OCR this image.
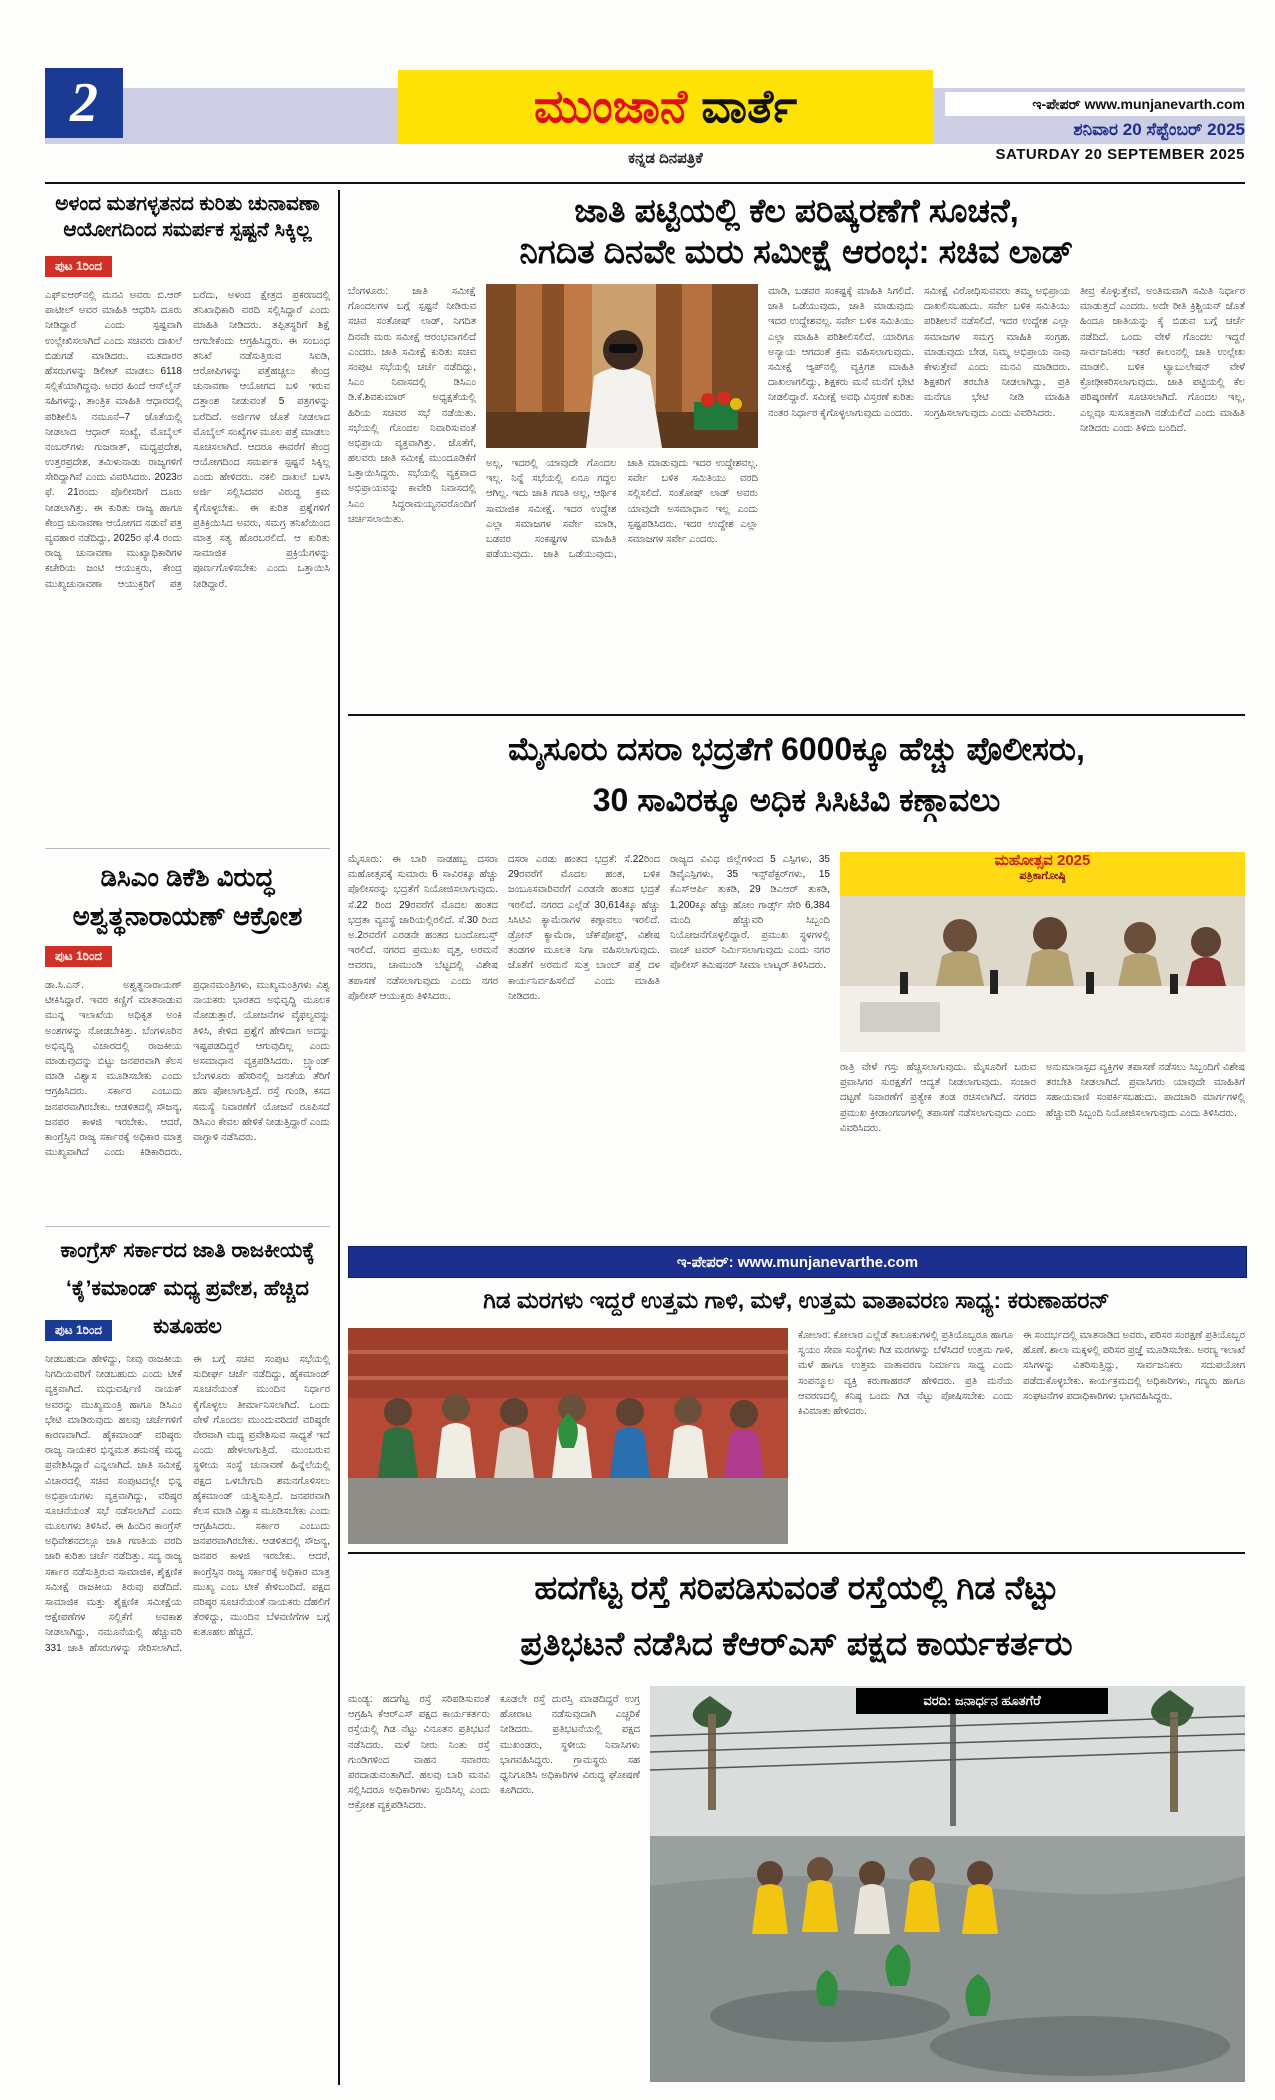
2	ಮುಂಜಾನೆ ವಾರ್ತೆ
ಕನ್ನಡ ದಿನಪತ್ರಿಕೆ
ಇ-ಪೇಪರ್ www.munjanevarth.com
ಶನಿವಾರ 20 ಸೆಪ್ಟೆಂಬರ್ 2025
SATURDAY 20 SEPTEMBER 2025
ಅಳಂದ ಮತಗಳ್ಳತನದ ಕುರಿತು ಚುನಾವಣಾ
ಆಯೋಗದಿಂದ ಸಮರ್ಪಕ ಸ್ಪಷ್ಟನೆ ಸಿಕ್ಕಿಲ್ಲ
ಪುಟ 1ರಿಂದ
ಎಫ್ಐಆರ್‌ನಲ್ಲಿ ಮನವಿ ಅವರು ಬಿ.ಆರ್ ಪಾಟೀಲ್ ಅವರ ಮಾಹಿತಿ ಆಧರಿಸಿ ದೂರು ನೀಡಿದ್ದಾರೆ ಎಂದು ಸ್ಪಷ್ಟವಾಗಿ ಉಲ್ಲೇಖಿಸಲಾಗಿದೆ ಎಂದು ಸಚಿವರು ದಾಖಲೆ ಬಿಡುಗಡೆ ಮಾಡಿದರು. ಮತದಾರರ ಹೆಸರುಗಳನ್ನು ಡಿಲೀಟ್ ಮಾಡಲು 6118 ಸಲ್ಲಿಕೆಯಾಗಿದ್ದವು. ಅದರ ಹಿಂದೆ ಆನ್‌ಲೈನ್ ಸಹಿಗಳನ್ನು, ತಾಂತ್ರಿಕ ಮಾಹಿತಿ ಆಧಾರದಲ್ಲಿ ಪರಿಶೀಲಿಸಿ ನಮೂನೆ–7 ಜೊತೆಯಲ್ಲಿ ನೀಡಲಾದ ಆಧಾರ್ ಸಂಖ್ಯೆ, ಮೊಬೈಲ್ ನಂಬರ್‌ಗಳು ಗುಜರಾತ್, ಮಧ್ಯಪ್ರದೇಶ, ಉತ್ತರಪ್ರದೇಶ, ತಮಿಳುನಾಡು ರಾಜ್ಯಗಳಿಗೆ ಸೇರಿದ್ದಾಗಿವೆ ಎಂದು ವಿವರಿಸಿದರು. 2023ರ ಫೆ. 21ರಂದು ಪೊಲೀಸರಿಗೆ ದೂರು ನೀಡಲಾಗಿತ್ತು. ಈ ಕುರಿತು ರಾಜ್ಯ ಹಾಗೂ ಕೇಂದ್ರ ಚುನಾವಣಾ ಆಯೋಗದ ನಡುವೆ ಪತ್ರ ವ್ಯವಹಾರ ನಡೆದಿದ್ದು, 2025ರ ಫೆ.4 ರಂದು ರಾಜ್ಯ ಚುನಾವಣಾ ಮುಖ್ಯಾಧಿಕಾರಿಗಳ ಕಚೇರಿಯ ಜಂಟಿ ಆಯುಕ್ತರು, ಕೇಂದ್ರ ಮುಖ್ಯಚುನಾವಣಾ ಆಯುಕ್ತರಿಗೆ ಪತ್ರ ಬರೆದು, ಅಳಂದ ಕ್ಷೇತ್ರದ ಪ್ರಕರಣದಲ್ಲಿ ತನಿಖಾಧಿಕಾರಿ ವರದಿ ಸಲ್ಲಿಸಿದ್ದಾರೆ ಎಂದು ಮಾಹಿತಿ ನೀಡಿದರು. ತಪ್ಪಿತಸ್ಥರಿಗೆ ಶಿಕ್ಷೆ ಆಗಬೇಕೆಂದು ಆಗ್ರಹಿಸಿದ್ದರು. ಈ ಸಂಬಂಧ ತನಿಖೆ ನಡೆಸುತ್ತಿರುವ ಸಿಐಡಿ, ಆರೋಪಿಗಳನ್ನು ಪತ್ತೆಹಚ್ಚಲು ಕೇಂದ್ರ ಚುನಾವಣಾ ಆಯೋಗದ ಬಳಿ ಇರುವ ದತ್ತಾಂಶ ನೀಡುವಂತೆ 5 ಪತ್ರಗಳನ್ನು ಬರೆದಿದೆ. ಅರ್ಜಿಗಳ ಜೊತೆ ನೀಡಲಾದ ಮೊಬೈಲ್ ಸಂಖ್ಯೆಗಳ ಮೂಲ ಪತ್ತೆ ಮಾಡಲು ಸೂಚಿಸಲಾಗಿದೆ. ಆದರೂ ಈವರೆಗೆ ಕೇಂದ್ರ ಆಯೋಗದಿಂದ ಸಮರ್ಪಕ ಸ್ಪಷ್ಟನೆ ಸಿಕ್ಕಿಲ್ಲ ಎಂದು ಹೇಳಿದರು. ನಕಲಿ ದಾಖಲೆ ಬಳಸಿ ಅರ್ಜಿ ಸಲ್ಲಿಸಿದವರ ವಿರುದ್ಧ ಕ್ರಮ ಕೈಗೊಳ್ಳಬೇಕು. ಈ ಕುರಿತ ಪ್ರಶ್ನೆಗಳಿಗೆ ಪ್ರತಿಕ್ರಿಯಿಸಿದ ಅವರು, ಸಮಗ್ರ ತನಿಖೆಯಿಂದ ಮಾತ್ರ ಸತ್ಯ ಹೊರಬರಲಿದೆ. ಆ ಕುರಿತು ಸಾಮಾಜಿಕ ಪ್ರಕ್ರಿಯೆಗಳನ್ನು ಪೂರ್ಣಗೊಳಿಸಬೇಕು ಎಂದು ಒತ್ತಾಯಿಸಿ ನೀಡಿದ್ದಾರೆ.
ಡಿಸಿಎಂ ಡಿಕೆಶಿ ವಿರುದ್ಧ
ಅಶ್ವತ್ಥನಾರಾಯಣ್ ಆಕ್ರೋಶ
ಪುಟ 1ರಿಂದ
ಡಾ.ಸಿ.ಎನ್. ಅಶ್ವತ್ಥನಾರಾಯಣ್ ಟೀಕಿಸಿದ್ದಾರೆ. ಇವರ ಕಣ್ಣಿಗೆ ಮಾತನಾಡುವ ಮುನ್ನ ಇಲಾಖೆಯ ಅಧಿಕೃತ ಅಂಕಿ ಅಂಶಗಳನ್ನು ನೋಡಬೇಕಿತ್ತು. ಬೆಂಗಳೂರಿನ ಅಭಿವೃದ್ಧಿ ವಿಚಾರದಲ್ಲಿ ರಾಜಕೀಯ ಮಾಡುವುದನ್ನು ಬಿಟ್ಟು ಜನಪರವಾಗಿ ಕೆಲಸ ಮಾಡಿ ವಿಶ್ವಾಸ ಮೂಡಿಸಬೇಕು ಎಂದು ಆಗ್ರಹಿಸಿದರು. ಸರ್ಕಾರ ಎಂಬುದು ಜನಪರವಾಗಿರಬೇಕು. ಆಡಳಿತದಲ್ಲಿ ಸೌಜನ್ಯ, ಜನಪರ ಕಾಳಜಿ ಇರಬೇಕು. ಆದರೆ, ಕಾಂಗ್ರೆಸ್ಸಿನ ರಾಜ್ಯ ಸರ್ಕಾರಕ್ಕೆ ಅಧಿಕಾರ ಮಾತ್ರ ಮುಖ್ಯವಾಗಿದೆ ಎಂದು ಕಿಡಿಕಾರಿದರು. ಪ್ರಧಾನಮಂತ್ರಿಗಳು, ಮುಖ್ಯಮಂತ್ರಿಗಳು ವಿಶ್ವ ನಾಯಕರು ಭಾರತದ ಅಭಿವೃದ್ಧಿ ಮೂಲಕ ನೋಡುತ್ತಾರೆ. ಯೋಜನೆಗಳ ವೈಫಲ್ಯವನ್ನು ತಿಳಿಸಿ, ಕೇಳಿದ ಪ್ರಶ್ನೆಗೆ ಹೇಳಿದಾಗ ಅದನ್ನು ಇಷ್ಟಪಡದಿದ್ದರೆ ಆಗುವುದಿಲ್ಲ ಎಂದು ಅಸಮಾಧಾನ ವ್ಯಕ್ತಪಡಿಸಿದರು. ಬ್ರ್ಯಾಂಡ್ ಬೆಂಗಳೂರು ಹೆಸರಿನಲ್ಲಿ ಜನತೆಯ ತೆರಿಗೆ ಹಣ ಪೋಲಾಗುತ್ತಿದೆ. ರಸ್ತೆ ಗುಂಡಿ, ಕಸದ ಸಮಸ್ಯೆ ನಿವಾರಣೆಗೆ ಯೋಜನೆ ರೂಪಿಸದೆ ಡಿಸಿಎಂ ಕೇವಲ ಹೇಳಿಕೆ ನೀಡುತ್ತಿದ್ದಾರೆ ಎಂದು ವಾಗ್ದಾಳಿ ನಡೆಸಿದರು.
ಕಾಂಗ್ರೆಸ್ ಸರ್ಕಾರದ ಜಾತಿ ರಾಜಕೀಯಕ್ಕೆ
‘ಕೈ’ಕಮಾಂಡ್ ಮಧ್ಯ ಪ್ರವೇಶ, ಹೆಚ್ಚಿದ ಕುತೂಹಲ
ಪುಟ 1ರಿಂದ
ನೀಡಬಹುದಾ ಹೇಳಿದ್ದು, ನೀವು ರಾಜಕೀಯ ನಿಗದಿಯವರಿಗೆ ನೀಡಬಹುದು ಎಂದು ಟೀಕೆ ವ್ಯಕ್ತವಾಗಿದೆ. ಮಧುವರ್ಷಿಣಿ ನಾಯಕ್ ಅವರನ್ನು ಮುಖ್ಯಮಂತ್ರಿ ಹಾಗೂ ಡಿಸಿಎಂ ಭೇಟಿ ಮಾಡಿರುವುದು ಹಲವು ಚರ್ಚೆಗಳಿಗೆ ಕಾರಣವಾಗಿದೆ. ಹೈಕಮಾಂಡ್ ವರಿಷ್ಠರು ರಾಜ್ಯ ನಾಯಕರ ಭಿನ್ನಮತ ಶಮನಕ್ಕೆ ಮಧ್ಯ ಪ್ರವೇಶಿಸಿದ್ದಾರೆ ಎನ್ನಲಾಗಿದೆ. ಜಾತಿ ಸಮೀಕ್ಷೆ ವಿಚಾರದಲ್ಲಿ ಸಚಿವ ಸಂಪುಟದಲ್ಲೇ ಭಿನ್ನ ಅಭಿಪ್ರಾಯಗಳು ವ್ಯಕ್ತವಾಗಿದ್ದು, ವರಿಷ್ಠರ ಸೂಚನೆಯಂತೆ ಸಭೆ ನಡೆಸಲಾಗಿದೆ ಎಂದು ಮೂಲಗಳು ತಿಳಿಸಿವೆ. ಈ ಹಿಂದಿನ ಕಾಂಗ್ರೆಸ್ ಅಧಿವೇಶನದಲ್ಲೂ ಜಾತಿ ಗಣತಿಯ ವರದಿ ಜಾರಿ ಕುರಿತು ಚರ್ಚೆ ನಡೆದಿತ್ತು. ಸದ್ಯ ರಾಜ್ಯ ಸರ್ಕಾರ ನಡೆಸುತ್ತಿರುವ ಸಾಮಾಜಿಕ, ಶೈಕ್ಷಣಿಕ ಸಮೀಕ್ಷೆ ರಾಜಕೀಯ ತಿರುವು ಪಡೆದಿದೆ. ಸಾಮಾಜಿಕ ಮತ್ತು ಶೈಕ್ಷಣಿಕ ಸಮೀಕ್ಷೆಯ ಆಕ್ಷೇಪಣೆಗಳ ಸಲ್ಲಿಕೆಗೆ ಅವಕಾಶ ನೀಡಲಾಗಿದ್ದು, ನಮೂನೆಯಲ್ಲಿ ಹೆಚ್ಚುವರಿ 331 ಜಾತಿ ಹೆಸರುಗಳನ್ನು ಸೇರಿಸಲಾಗಿದೆ. ಈ ಬಗ್ಗೆ ಸಚಿವ ಸಂಪುಟ ಸಭೆಯಲ್ಲಿ ಸುದೀರ್ಘ ಚರ್ಚೆ ನಡೆದಿದ್ದು, ಹೈಕಮಾಂಡ್ ಸೂಚನೆಯಂತೆ ಮುಂದಿನ ನಿರ್ಧಾರ ಕೈಗೊಳ್ಳಲು ತೀರ್ಮಾನಿಸಲಾಗಿದೆ. ಒಂದು ವೇಳೆ ಗೊಂದಲ ಮುಂದುವರಿದರೆ ವರಿಷ್ಠರೇ ನೇರವಾಗಿ ಮಧ್ಯ ಪ್ರವೇಶಿಸುವ ಸಾಧ್ಯತೆ ಇದೆ ಎಂದು ಹೇಳಲಾಗುತ್ತಿದೆ. ಮುಂಬರುವ ಸ್ಥಳೀಯ ಸಂಸ್ಥೆ ಚುನಾವಣೆ ಹಿನ್ನೆಲೆಯಲ್ಲಿ ಪಕ್ಷದ ಒಳಬೇಗುದಿ ಶಮನಗೊಳಿಸಲು ಹೈಕಮಾಂಡ್ ಯತ್ನಿಸುತ್ತಿದೆ. ಜನಪರವಾಗಿ ಕೆಲಸ ಮಾಡಿ ವಿಶ್ವಾಸ ಮೂಡಿಸಬೇಕು ಎಂದು ಆಗ್ರಹಿಸಿದರು. ಸರ್ಕಾರ ಎಂಬುದು ಜನಪರವಾಗಿರಬೇಕು. ಆಡಳಿತದಲ್ಲಿ ಸೌಜನ್ಯ, ಜನಪರ ಕಾಳಜಿ ಇರಬೇಕು. ಆದರೆ, ಕಾಂಗ್ರೆಸ್ಸಿನ ರಾಜ್ಯ ಸರ್ಕಾರಕ್ಕೆ ಅಧಿಕಾರ ಮಾತ್ರ ಮುಖ್ಯ ಎಂಬ ಟೀಕೆ ಕೇಳಿಬಂದಿದೆ. ಪಕ್ಷದ ವರಿಷ್ಠರ ಸೂಚನೆಯಂತೆ ನಾಯಕರು ದೆಹಲಿಗೆ ತೆರಳಿದ್ದು, ಮುಂದಿನ ಬೆಳವಣಿಗೆಗಳ ಬಗ್ಗೆ ಕುತೂಹಲ ಹೆಚ್ಚಿದೆ.
ಜಾತಿ ಪಟ್ಟಿಯಲ್ಲಿ ಕೆಲ ಪರಿಷ್ಕರಣೆಗೆ ಸೂಚನೆ,
ನಿಗದಿತ ದಿನವೇ ಮರು ಸಮೀಕ್ಷೆ ಆರಂಭ: ಸಚಿವ ಲಾಡ್
ಬೆಂಗಳೂರು: ಜಾತಿ ಸಮೀಕ್ಷೆ ಗೊಂದಲಗಳ ಬಗ್ಗೆ ಸ್ಪಷ್ಟನೆ ನೀಡಿರುವ ಸಚಿವ ಸಂತೋಷ್ ಲಾಡ್, ನಿಗದಿತ ದಿನವೇ ಮರು ಸಮೀಕ್ಷೆ ಆರಂಭವಾಗಲಿದೆ ಎಂದರು. ಜಾತಿ ಸಮೀಕ್ಷೆ ಕುರಿತು ಸಚಿವ ಸಂಪುಟ ಸಭೆಯಲ್ಲಿ ಚರ್ಚೆ ನಡೆದಿದ್ದು, ಸಿಎಂ ನಿವಾಸದಲ್ಲಿ ಡಿಸಿಎಂ ಡಿ.ಕೆ.ಶಿವಕುಮಾರ್ ಅಧ್ಯಕ್ಷತೆಯಲ್ಲಿ ಹಿರಿಯ ಸಚಿವರ ಸಭೆ ನಡೆಯಿತು. ಸಭೆಯಲ್ಲಿ ಗೊಂದಲ ನಿವಾರಿಸುವಂತೆ ಅಭಿಪ್ರಾಯ ವ್ಯಕ್ತವಾಗಿತ್ತು. ಜೊತೆಗೆ, ಹಲವರು ಜಾತಿ ಸಮೀಕ್ಷೆ ಮುಂದೂಡಿಕೆಗೆ ಒತ್ತಾಯಿಸಿದ್ದರು. ಸಭೆಯಲ್ಲಿ ವ್ಯಕ್ತವಾದ ಅಭಿಪ್ರಾಯವನ್ನು ಕಾವೇರಿ ನಿವಾಸದಲ್ಲಿ ಸಿಎಂ ಸಿದ್ದರಾಮಯ್ಯನವರೊಂದಿಗೆ ಚರ್ಚಿಸಲಾಯಿತು.
ಅಲ್ಲ, ಇದರಲ್ಲಿ ಯಾವುದೇ ಗೊಂದಲ ಇಲ್ಲ. ನಿನ್ನೆ ಸಭೆಯಲ್ಲಿ ಏನೂ ಗದ್ದಲ ಆಗಿಲ್ಲ. ಇದು ಜಾತಿ ಗಣತಿ ಅಲ್ಲ, ಆರ್ಥಿಕ ಸಾಮಾಜಿಕ ಸಮೀಕ್ಷೆ. ಇದರ ಉದ್ದೇಶ ಎಲ್ಲಾ ಸಮಾಜಗಳ ಸರ್ವೇ ಮಾಡಿ, ಬಡವರ ಸಂಕಷ್ಟಗಳ ಮಾಹಿತಿ ಪಡೆಯುವುದು. ಜಾತಿ ಒಡೆಯುವುದು, ಜಾತಿ ಮಾಡುವುದು ಇದರ ಉದ್ದೇಶವಲ್ಲ. ಸರ್ವೇ ಬಳಿಕ ಸಮಿತಿಯು ವರದಿ ಸಲ್ಲಿಸಲಿದೆ. ಸಂತೋಷ್ ಲಾಡ್ ಅವರು ಯಾವುದೇ ಅಸಮಾಧಾನ ಇಲ್ಲ ಎಂದು ಸ್ಪಷ್ಟಪಡಿಸಿದರು. ಇದರ ಉದ್ದೇಶ ಎಲ್ಲಾ ಸಮಾಜಗಳ ಸರ್ವೇ ಎಂದರು.
ಮಾಡಿ, ಬಡವರ ಸಂಕಷ್ಟಕ್ಕೆ ಮಾಹಿತಿ ಸಿಗಲಿದೆ. ಜಾತಿ ಒಡೆಯುವುದು, ಜಾತಿ ಮಾಡುವುದು ಇದರ ಉದ್ದೇಶವಲ್ಲ. ಸರ್ವೇ ಬಳಿಕ ಸಮಿತಿಯು ಎಲ್ಲಾ ಮಾಹಿತಿ ಪರಿಶೀಲಿಸಲಿದೆ. ಯಾರಿಗೂ ಅನ್ಯಾಯ ಆಗದಂತೆ ಕ್ರಮ ವಹಿಸಲಾಗುವುದು. ಸಮೀಕ್ಷೆ ಆ್ಯಪ್‌ನಲ್ಲಿ ವ್ಯಕ್ತಿಗತ ಮಾಹಿತಿ ದಾಖಲಾಗಲಿದ್ದು, ಶಿಕ್ಷಕರು ಮನೆ ಮನೆಗೆ ಭೇಟಿ ನೀಡಲಿದ್ದಾರೆ. ಸಮೀಕ್ಷೆ ಅವಧಿ ವಿಸ್ತರಣೆ ಕುರಿತು ನಂತರ ನಿರ್ಧಾರ ಕೈಗೊಳ್ಳಲಾಗುವುದು ಎಂದರು.
ಸಮೀಕ್ಷೆ ವಿರೋಧಿಸುವವರು ತಮ್ಮ ಅಭಿಪ್ರಾಯ ದಾಖಲಿಸಬಹುದು. ಸರ್ವೇ ಬಳಿಕ ಸಮಿತಿಯು ಪರಿಶೀಲನೆ ನಡೆಸಲಿದೆ. ಇದರ ಉದ್ದೇಶ ಎಲ್ಲಾ ಸಮಾಜಗಳ ಸಮಗ್ರ ಮಾಹಿತಿ ಸಂಗ್ರಹ. ಮಾಡುವುದು ಬೇಡ, ನಿಮ್ಮ ಅಭಿಪ್ರಾಯ ನಾವು ಕೇಳುತ್ತೇವೆ ಎಂದು ಮನವಿ ಮಾಡಿದರು. ಶಿಕ್ಷಕರಿಗೆ ತರಬೇತಿ ನೀಡಲಾಗಿದ್ದು, ಪ್ರತಿ ಮನೆಗೂ ಭೇಟಿ ನೀಡಿ ಮಾಹಿತಿ ಸಂಗ್ರಹಿಸಲಾಗುವುದು ಎಂದು ವಿವರಿಸಿದರು.
ತೀವ್ರ ಕೊಳ್ಳುತ್ತೇವೆ, ಅಂತಿಮವಾಗಿ ಸಮಿತಿ ನಿರ್ಧಾರ ಮಾಡುತ್ತದೆ ಎಂದರು. ಅದೇ ರೀತಿ ಕ್ರಿಶ್ಚಿಯನ್ ಜೊತೆ ಹಿಂದೂ ಜಾತಿಯನ್ನು ಕೈ ಬಿಡುವ ಬಗ್ಗೆ ಚರ್ಚೆ ನಡೆದಿದೆ. ಒಂದು ವೇಳೆ ಗೊಂದಲ ಇದ್ದರೆ ಸಾರ್ವಜನಿಕರು ಇತರೆ ಕಾಲಂನಲ್ಲಿ ಜಾತಿ ಉಲ್ಲೇಖ ಮಾಡಲಿ. ಬಳಿಕ ಟ್ಯಾಬುಲೇಷನ್ ವೇಳೆ ಕ್ರೋಢೀಕರಿಸಲಾಗುವುದು. ಜಾತಿ ಪಟ್ಟಿಯಲ್ಲಿ ಕೆಲ ಪರಿಷ್ಕರಣೆಗೆ ಸೂಚಿಸಲಾಗಿದೆ. ಗೊಂದಲ ಇಲ್ಲ, ಎಲ್ಲವೂ ಸುಸೂತ್ರವಾಗಿ ನಡೆಯಲಿದೆ ಎಂದು ಮಾಹಿತಿ ನೀಡಿದರು ಎಂದು ತಿಳಿದು ಬಂದಿದೆ.
ಮೈಸೂರು ದಸರಾ ಭದ್ರತೆಗೆ 6000ಕ್ಕೂ ಹೆಚ್ಚು ಪೊಲೀಸರು,
30 ಸಾವಿರಕ್ಕೂ ಅಧಿಕ ಸಿಸಿಟಿವಿ ಕಣ್ಗಾವಲು
ಮೈಸೂರು: ಈ ಬಾರಿ ನಾಡಹಬ್ಬ ದಸರಾ ಮಹೋತ್ಸವಕ್ಕೆ ಸುಮಾರು 6 ಸಾವಿರಕ್ಕೂ ಹೆಚ್ಚು ಪೊಲೀಸರನ್ನು ಭದ್ರತೆಗೆ ನಿಯೋಜಿಸಲಾಗುವುದು. ಸೆ.22 ರಿಂದ 29ರವರೆಗೆ ಮೊದಲ ಹಂತದ ಭದ್ರತಾ ವ್ಯವಸ್ಥೆ ಜಾರಿಯಲ್ಲಿರಲಿದೆ. ಸೆ.30 ರಿಂದ ಅ.2ರವರೆಗೆ ಎರಡನೇ ಹಂತದ ಬಂದೋಬಸ್ತ್ ಇರಲಿದೆ. ನಗರದ ಪ್ರಮುಖ ವೃತ್ತ, ಅರಮನೆ ಆವರಣ, ಚಾಮುಂಡಿ ಬೆಟ್ಟದಲ್ಲಿ ವಿಶೇಷ ತಪಾಸಣೆ ನಡೆಸಲಾಗುವುದು ಎಂದು ನಗರ ಪೊಲೀಸ್ ಆಯುಕ್ತರು ತಿಳಿಸಿದರು.
ದಸರಾ ಎರಡು ಹಂತದ ಭದ್ರತೆ: ಸೆ.22ರಿಂದ 29ರವರೆಗೆ ಮೊದಲ ಹಂತ, ಬಳಿಕ ಜಂಬೂಸವಾರಿವರೆಗೆ ಎರಡನೇ ಹಂತದ ಭದ್ರತೆ ಇರಲಿದೆ. ನಗರದ ಎಲ್ಲೆಡೆ 30,614ಕ್ಕೂ ಹೆಚ್ಚು ಸಿಸಿಟಿವಿ ಕ್ಯಾಮೆರಾಗಳ ಕಣ್ಗಾವಲು ಇರಲಿದೆ. ಡ್ರೋನ್ ಕ್ಯಾಮೆರಾ, ಚೆಕ್‌ಪೋಸ್ಟ್, ವಿಶೇಷ ತಂಡಗಳ ಮೂಲಕ ನಿಗಾ ವಹಿಸಲಾಗುವುದು. ಜೊತೆಗೆ ಅರಮನೆ ಸುತ್ತ ಬಾಂಬ್ ಪತ್ತೆ ದಳ ಕಾರ್ಯನಿರ್ವಹಿಸಲಿದೆ ಎಂದು ಮಾಹಿತಿ ನೀಡಿದರು.
ರಾಜ್ಯದ ವಿವಿಧ ಜಿಲ್ಲೆಗಳಿಂದ 5 ಎಸ್ಪಿಗಳು, 35 ಡಿವೈಎಸ್ಪಿಗಳು, 35 ಇನ್ಸ್‌ಪೆಕ್ಟರ್‌ಗಳು, 15 ಕೆಎಸ್ಆರ್ಪಿ ತುಕಡಿ, 29 ಡಿಎಆರ್ ತುಕಡಿ, 1,200ಕ್ಕೂ ಹೆಚ್ಚು ಹೋಂ ಗಾರ್ಡ್ಸ್ ಸೇರಿ 6,384 ಮಂದಿ ಹೆಚ್ಚುವರಿ ಸಿಬ್ಬಂದಿ ನಿಯೋಜನೆಗೊಳ್ಳಲಿದ್ದಾರೆ. ಪ್ರಮುಖ ಸ್ಥಳಗಳಲ್ಲಿ ವಾಚ್ ಟವರ್ ನಿರ್ಮಿಸಲಾಗುವುದು ಎಂದು ನಗರ ಪೊಲೀಸ್ ಕಮಿಷನರ್ ಸೀಮಾ ಲಾಟ್ಕರ್ ತಿಳಿಸಿದರು.
ಮಹೋತ್ಸವ 2025
ಪತ್ರಿಕಾಗೋಷ್ಠಿ
ರಾತ್ರಿ ವೇಳೆ ಗಸ್ತು ಹೆಚ್ಚಿಸಲಾಗುವುದು. ಮೈಸೂರಿಗೆ ಬರುವ ಪ್ರವಾಸಿಗರ ಸುರಕ್ಷತೆಗೆ ಆದ್ಯತೆ ನೀಡಲಾಗುವುದು. ಸಂಚಾರ ದಟ್ಟಣೆ ನಿವಾರಣೆಗೆ ಪ್ರತ್ಯೇಕ ತಂಡ ರಚಿಸಲಾಗಿದೆ. ನಗರದ ಪ್ರಮುಖ ಕ್ರೀಡಾಂಗಣಗಳಲ್ಲಿ ತಪಾಸಣೆ ನಡೆಸಲಾಗುವುದು ಎಂದು ವಿವರಿಸಿದರು.
ಅನುಮಾನಾಸ್ಪದ ವ್ಯಕ್ತಿಗಳ ತಪಾಸಣೆ ನಡೆಸಲು ಸಿಬ್ಬಂದಿಗೆ ವಿಶೇಷ ತರಬೇತಿ ನೀಡಲಾಗಿದೆ. ಪ್ರವಾಸಿಗರು ಯಾವುದೇ ಮಾಹಿತಿಗೆ ಸಹಾಯವಾಣಿ ಸಂಪರ್ಕಿಸಬಹುದು. ಪಾದಚಾರಿ ಮಾರ್ಗಗಳಲ್ಲಿ ಹೆಚ್ಚುವರಿ ಸಿಬ್ಬಂದಿ ನಿಯೋಜಿಸಲಾಗುವುದು ಎಂದು ತಿಳಿಸಿದರು.
ಇ-ಪೇಪರ್: www.munjanevarthe.com
ಗಿಡ ಮರಗಳು ಇದ್ದರೆ ಉತ್ತಮ ಗಾಳಿ, ಮಳೆ, ಉತ್ತಮ ವಾತಾವರಣ ಸಾಧ್ಯ: ಕರುಣಾಹರನ್
ಕೋಲಾರ: ಕೋಲಾರ ಎಲ್ಲೆಡೆ ತಾಲೂಕುಗಳಲ್ಲಿ ಪ್ರತಿಯೊಬ್ಬರೂ ಹಾಗೂ ಸ್ವಯಂ ಸೇವಾ ಸಂಸ್ಥೆಗಳು ಗಿಡ ಮರಗಳನ್ನು ಬೆಳೆಸಿದರೆ ಉತ್ತಮ ಗಾಳಿ, ಮಳೆ ಹಾಗೂ ಉತ್ತಮ ವಾತಾವರಣ ನಿರ್ಮಾಣ ಸಾಧ್ಯ ಎಂದು ಸಂಪನ್ಮೂಲ ವ್ಯಕ್ತಿ ಕರುಣಾಹರನ್ ಹೇಳಿದರು. ಪ್ರತಿ ಮನೆಯ ಆವರಣದಲ್ಲಿ ಕನಿಷ್ಠ ಒಂದು ಗಿಡ ನೆಟ್ಟು ಪೋಷಿಸಬೇಕು ಎಂದು ಕಿವಿಮಾತು ಹೇಳಿದರು.
ಈ ಸಂದರ್ಭದಲ್ಲಿ ಮಾತನಾಡಿದ ಅವರು, ಪರಿಸರ ಸಂರಕ್ಷಣೆ ಪ್ರತಿಯೊಬ್ಬರ ಹೊಣೆ. ಶಾಲಾ ಮಕ್ಕಳಲ್ಲಿ ಪರಿಸರ ಪ್ರಜ್ಞೆ ಮೂಡಿಸಬೇಕು. ಅರಣ್ಯ ಇಲಾಖೆ ಸಸಿಗಳನ್ನು ವಿತರಿಸುತ್ತಿದ್ದು, ಸಾರ್ವಜನಿಕರು ಸದುಪಯೋಗ ಪಡೆದುಕೊಳ್ಳಬೇಕು. ಕಾರ್ಯಕ್ರಮದಲ್ಲಿ ಅಧಿಕಾರಿಗಳು, ಗಣ್ಯರು ಹಾಗೂ ಸಂಘಟನೆಗಳ ಪದಾಧಿಕಾರಿಗಳು ಭಾಗವಹಿಸಿದ್ದರು.
ಹದಗೆಟ್ಟ ರಸ್ತೆ ಸರಿಪಡಿಸುವಂತೆ ರಸ್ತೆಯಲ್ಲಿ ಗಿಡ ನೆಟ್ಟು
ಪ್ರತಿಭಟನೆ ನಡೆಸಿದ ಕೆಆರ್‌ಎಸ್ ಪಕ್ಷದ ಕಾರ್ಯಕರ್ತರು
ಮಂಡ್ಯ: ಹದಗೆಟ್ಟ ರಸ್ತೆ ಸರಿಪಡಿಸುವಂತೆ ಆಗ್ರಹಿಸಿ ಕೆಆರ್‌ಎಸ್ ಪಕ್ಷದ ಕಾರ್ಯಕರ್ತರು ರಸ್ತೆಯಲ್ಲಿ ಗಿಡ ನೆಟ್ಟು ವಿನೂತನ ಪ್ರತಿಭಟನೆ ನಡೆಸಿದರು. ಮಳೆ ನೀರು ನಿಂತು ರಸ್ತೆ ಗುಂಡಿಗಳಿಂದ ವಾಹನ ಸವಾರರು ಪರದಾಡುವಂತಾಗಿದೆ. ಹಲವು ಬಾರಿ ಮನವಿ ಸಲ್ಲಿಸಿದರೂ ಅಧಿಕಾರಿಗಳು ಸ್ಪಂದಿಸಿಲ್ಲ ಎಂದು ಆಕ್ರೋಶ ವ್ಯಕ್ತಪಡಿಸಿದರು.
ಕೂಡಲೇ ರಸ್ತೆ ದುರಸ್ತಿ ಮಾಡದಿದ್ದರೆ ಉಗ್ರ ಹೋರಾಟ ನಡೆಸುವುದಾಗಿ ಎಚ್ಚರಿಕೆ ನೀಡಿದರು. ಪ್ರತಿಭಟನೆಯಲ್ಲಿ ಪಕ್ಷದ ಮುಖಂಡರು, ಸ್ಥಳೀಯ ನಿವಾಸಿಗಳು ಭಾಗವಹಿಸಿದ್ದರು. ಗ್ರಾಮಸ್ಥರು ಸಹ ಧ್ವನಿಗೂಡಿಸಿ ಅಧಿಕಾರಿಗಳ ವಿರುದ್ಧ ಘೋಷಣೆ ಕೂಗಿದರು.
ವರದಿ: ಜನಾರ್ಧನ ಹೂತಗೆರೆ
